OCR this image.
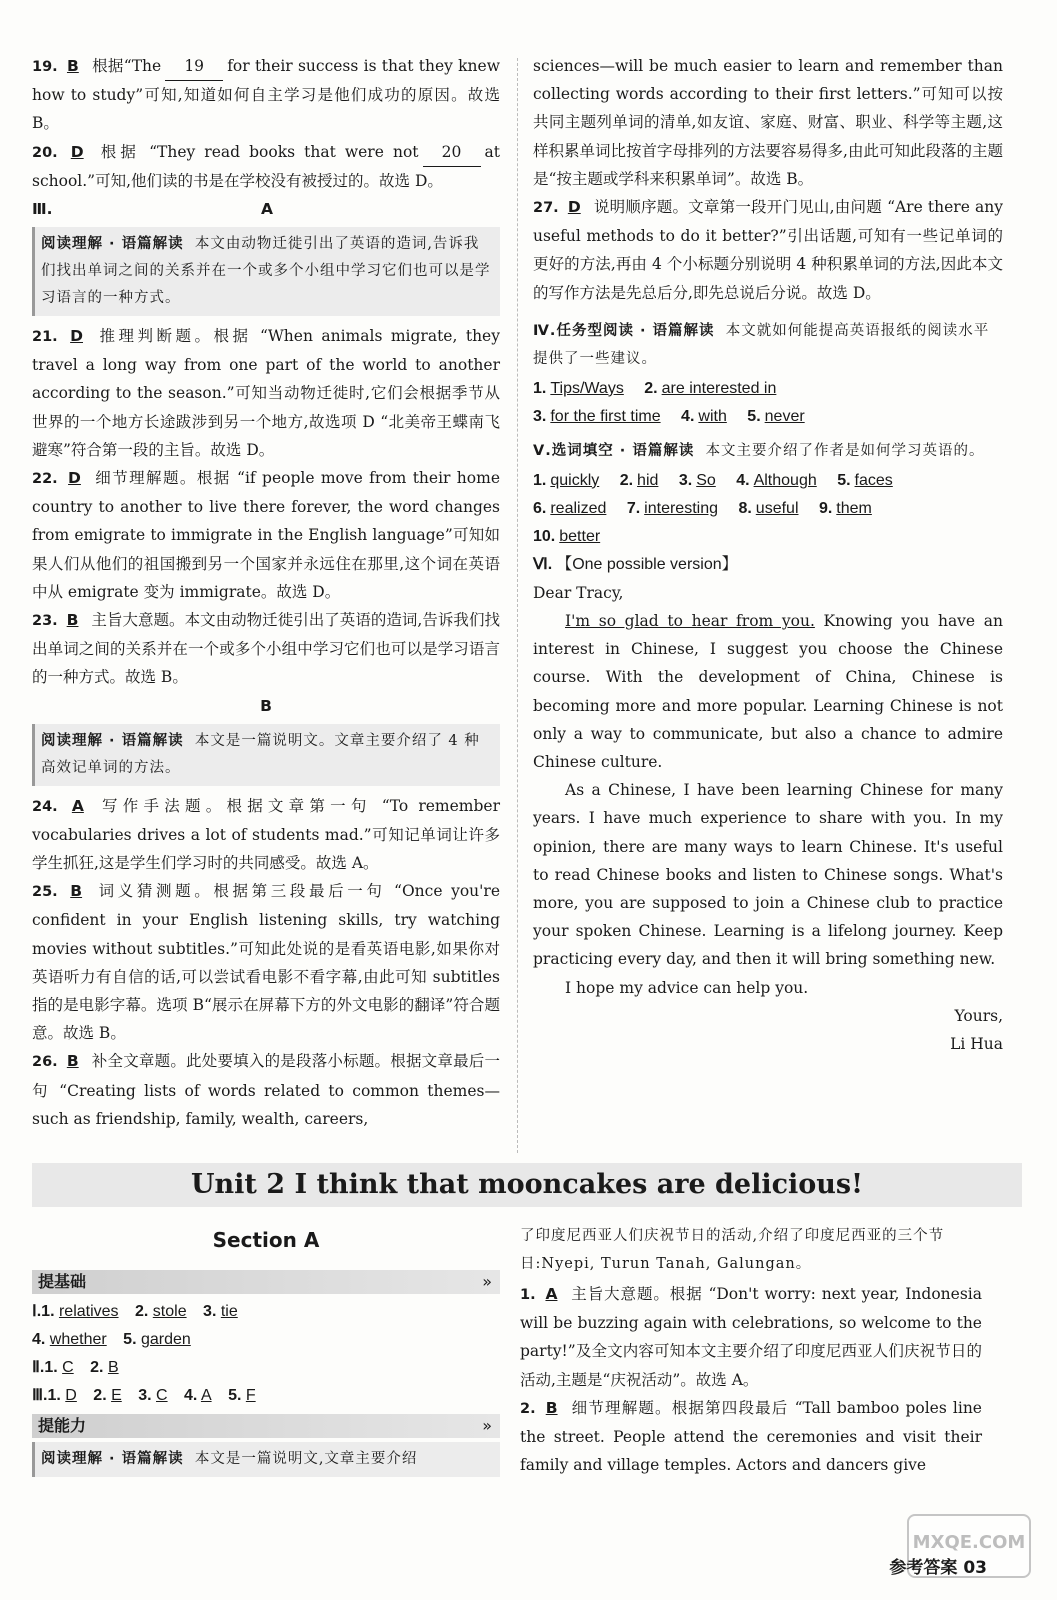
19. B 根据“The 19 for their success is that they knew how to study”可知,知道如何自主学习是他们成功的原因。故选 B。

20. D 根据 “They read books that were not 20 at school.”可知,他们读的书是在学校没有被授过的。故选 D。

Ⅲ.	A
阅读理解 · 语篇解读 本文由动物迁徙引出了英语的造词,告诉我们找出单词之间的关系并在一个或多个小组中学习它们也可以是学习语言的一种方式。

21. D 推理判断题。根据 “When animals migrate, they travel a long way from one part of the world to another according to the season.”可知当动物迁徙时,它们会根据季节从世界的一个地方长途跋涉到另一个地方,故选项 D “北美帝王蝶南飞避寒”符合第一段的主旨。故选 D。

22. D 细节理解题。根据 “if people move from their home country to another to live there forever, the word changes from emigrate to immigrate in the English language”可知如果人们从他们的祖国搬到另一个国家并永远住在那里,这个词在英语中从 emigrate 变为 immigrate。故选 D。

23. B 主旨大意题。本文由动物迁徙引出了英语的造词,告诉我们找出单词之间的关系并在一个或多个小组中学习它们也可以是学习语言的一种方式。故选 B。

B
阅读理解 · 语篇解读 本文是一篇说明文。文章主要介绍了 4 种高效记单词的方法。

24. A 写作手法题。根据文章第一句 “To remember vocabularies drives a lot of students mad.”可知记单词让许多学生抓狂,这是学生们学习时的共同感受。故选 A。

25. B 词义猜测题。根据第三段最后一句 “Once you're confident in your English listening skills, try watching movies without subtitles.”可知此处说的是看英语电影,如果你对英语听力有自信的话,可以尝试看电影不看字幕,由此可知 subtitles 指的是电影字幕。选项 B“展示在屏幕下方的外文电影的翻译”符合题意。故选 B。

26. B 补全文章题。此处要填入的是段落小标题。根据文章最后一句 “Creating lists of words related to common themes—such as friendship, family, wealth, careers,

sciences—will be much easier to learn and remember than collecting words according to their first letters.”可知可以按共同主题列单词的清单,如友谊、家庭、财富、职业、科学等主题,这样积累单词比按首字母排列的方法要容易得多,由此可知此段落的主题是“按主题或学科来积累单词”。故选 B。

27. D 说明顺序题。文章第一段开门见山,由问题 “Are there any useful methods to do it better?”引出话题,可知有一些记单词的更好的方法,再由 4 个小标题分别说明 4 种积累单词的方法,因此本文的写作方法是先总后分,即先总说后分说。故选 D。

Ⅳ.任务型阅读 · 语篇解读 本文就如何能提高英语报纸的阅读水平提供了一些建议。
1. Tips/Ways 2. are interested in
3. for the first time 4. with 5. never
Ⅴ.选词填空 · 语篇解读 本文主要介绍了作者是如何学习英语的。
1. quickly 2. hid 3. So 4. Although 5. faces
6. realized 7. interesting 8. useful 9. them
10. better
Ⅵ. 【One possible version】

Dear Tracy,

I'm so glad to hear from you. Knowing you have an interest in Chinese, I suggest you choose the Chinese course. With the development of China, Chinese is becoming more and more popular. Learning Chinese is not only a way to communicate, but also a chance to admire Chinese culture.

As a Chinese, I have been learning Chinese for many years. I have much experience to share with you. In my opinion, there are many ways to learn Chinese. It's useful to read Chinese books and listen to Chinese songs. What's more, you are supposed to join a Chinese club to practice your spoken Chinese. Learning is a lifelong journey. Keep practicing every day, and then it will bring something new.

I hope my advice can help you.

Yours,

Li Hua

Unit 2 I think that mooncakes are delicious!
Section A
提基础	»
Ⅰ.1. relatives 2. stole 3. tie
4. whether 5. garden
Ⅱ.1. C 2. B
Ⅲ.1. D 2. E 3. C 4. A 5. F
提能力	»
阅读理解 · 语篇解读 本文是一篇说明文,文章主要介绍

了印度尼西亚人们庆祝节日的活动,介绍了印度尼西亚的三个节日:Nyepi, Turun Tanah, Galungan。

1. A 主旨大意题。根据 “Don't worry: next year, Indonesia will be buzzing again with celebrations, so welcome to the party!”及全文内容可知本文主要介绍了印度尼西亚人们庆祝节日的活动,主题是“庆祝活动”。故选 A。

2. B 细节理解题。根据第四段最后 “Tall bamboo poles line the street. People attend the ceremonies and visit their family and village temples. Actors and dancers give

MXQE.COM
参考答案 03
